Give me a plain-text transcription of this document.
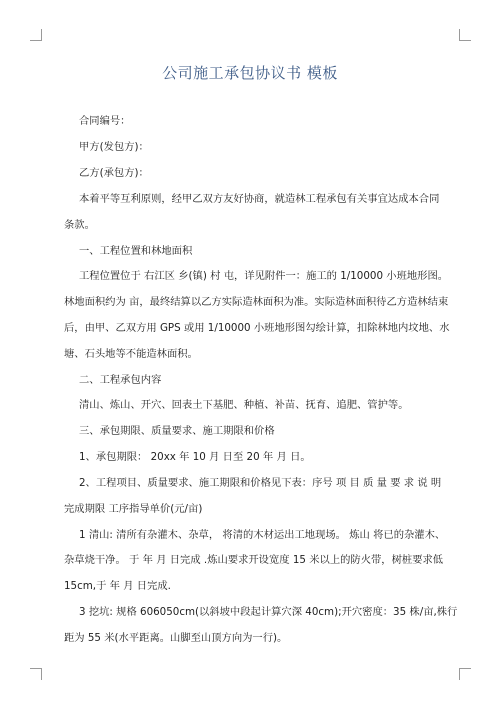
公司施工承包协议书 模板
合同编号：
甲方(发包方)：
乙方(承包方)：
本着平等互利原则，经甲乙双方友好协商，就造林工程承包有关事宜达成本合同
条款。
一、工程位置和林地面积
工程位置位于 右江区 乡(镇) 村 屯，详见附件一：施工的 1/10000 小班地形图。
林地面积约为 亩，最终结算以乙方实际造林面积为准。实际造林面积待乙方造林结束
后，由甲、乙双方用 GPS 或用 1/10000 小班地形图勾绘计算，扣除林地内坟地、水
塘、石头地等不能造林面积。
二、工程承包内容
清山、炼山、开穴、回表土下基肥、种植、补苗、抚育、追肥、管护等。
三、承包期限、质量要求、施工期限和价格
1、承包期限： 20xx 年 10 月 日至 20 年 月 日。
2、工程项目、质量要求、施工期限和价格见下表：序号 项 目 质 量 要 求 说 明
完成期限 工序指导单价(元/亩)
1 清山: 清所有杂灌木、杂草， 将清的木材运出工地现场。 炼山 将已的杂灌木、
杂草烧干净。 于 年 月 日完成 .炼山要求开设宽度 15 米以上的防火带，树桩要求低
15cm,于 年 月 日完成.
3 挖坑: 规格 606050cm(以斜坡中段起计算穴深 40cm);开穴密度：35 株/亩,株行
距为 55 米(水平距离。山脚至山顶方向为一行)。
